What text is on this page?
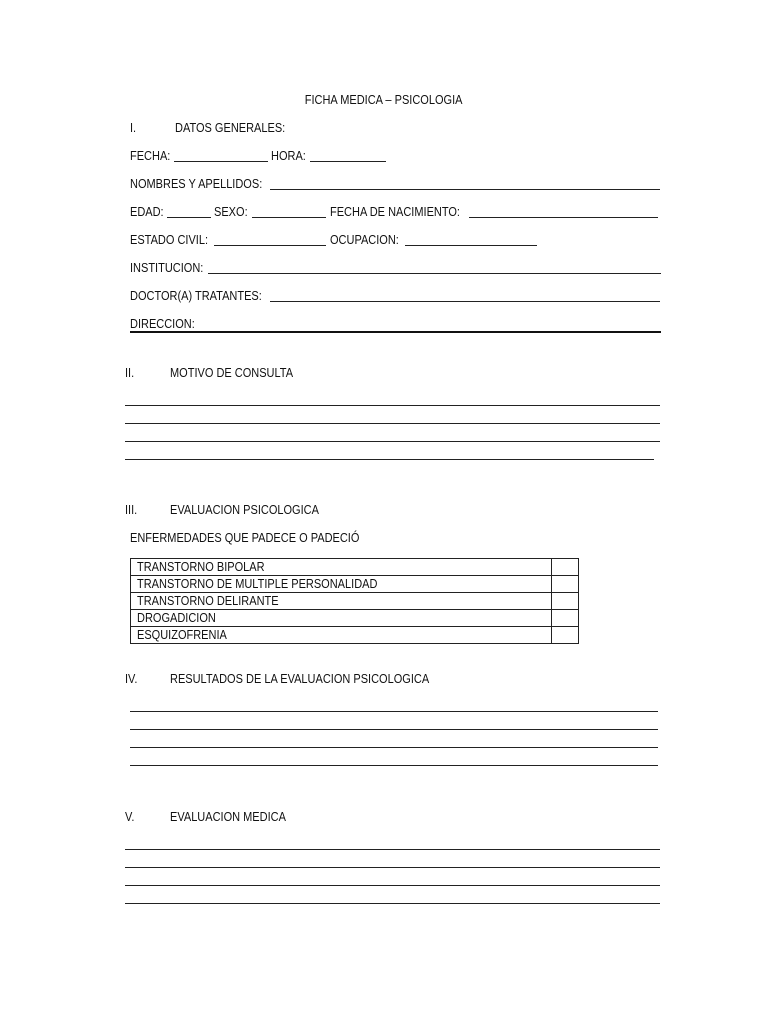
FICHA MEDICA – PSICOLOGIA
I.	DATOS GENERALES:
FECHA:	HORA:
NOMBRES Y APELLIDOS:
EDAD:	SEXO:	FECHA DE NACIMIENTO:
ESTADO CIVIL:	OCUPACION:
INSTITUCION:
DOCTOR(A) TRATANTES:
DIRECCION:
II.	MOTIVO DE CONSULTA
III.	EVALUACION PSICOLOGICA
ENFERMEDADES QUE PADECE O PADECIÓ
TRANSTORNO BIPOLAR	
TRANSTORNO DE MULTIPLE PERSONALIDAD	
TRANSTORNO DELIRANTE	
DROGADICION	
ESQUIZOFRENIA	
IV.	RESULTADOS DE LA EVALUACION PSICOLOGICA
V.	EVALUACION MEDICA
